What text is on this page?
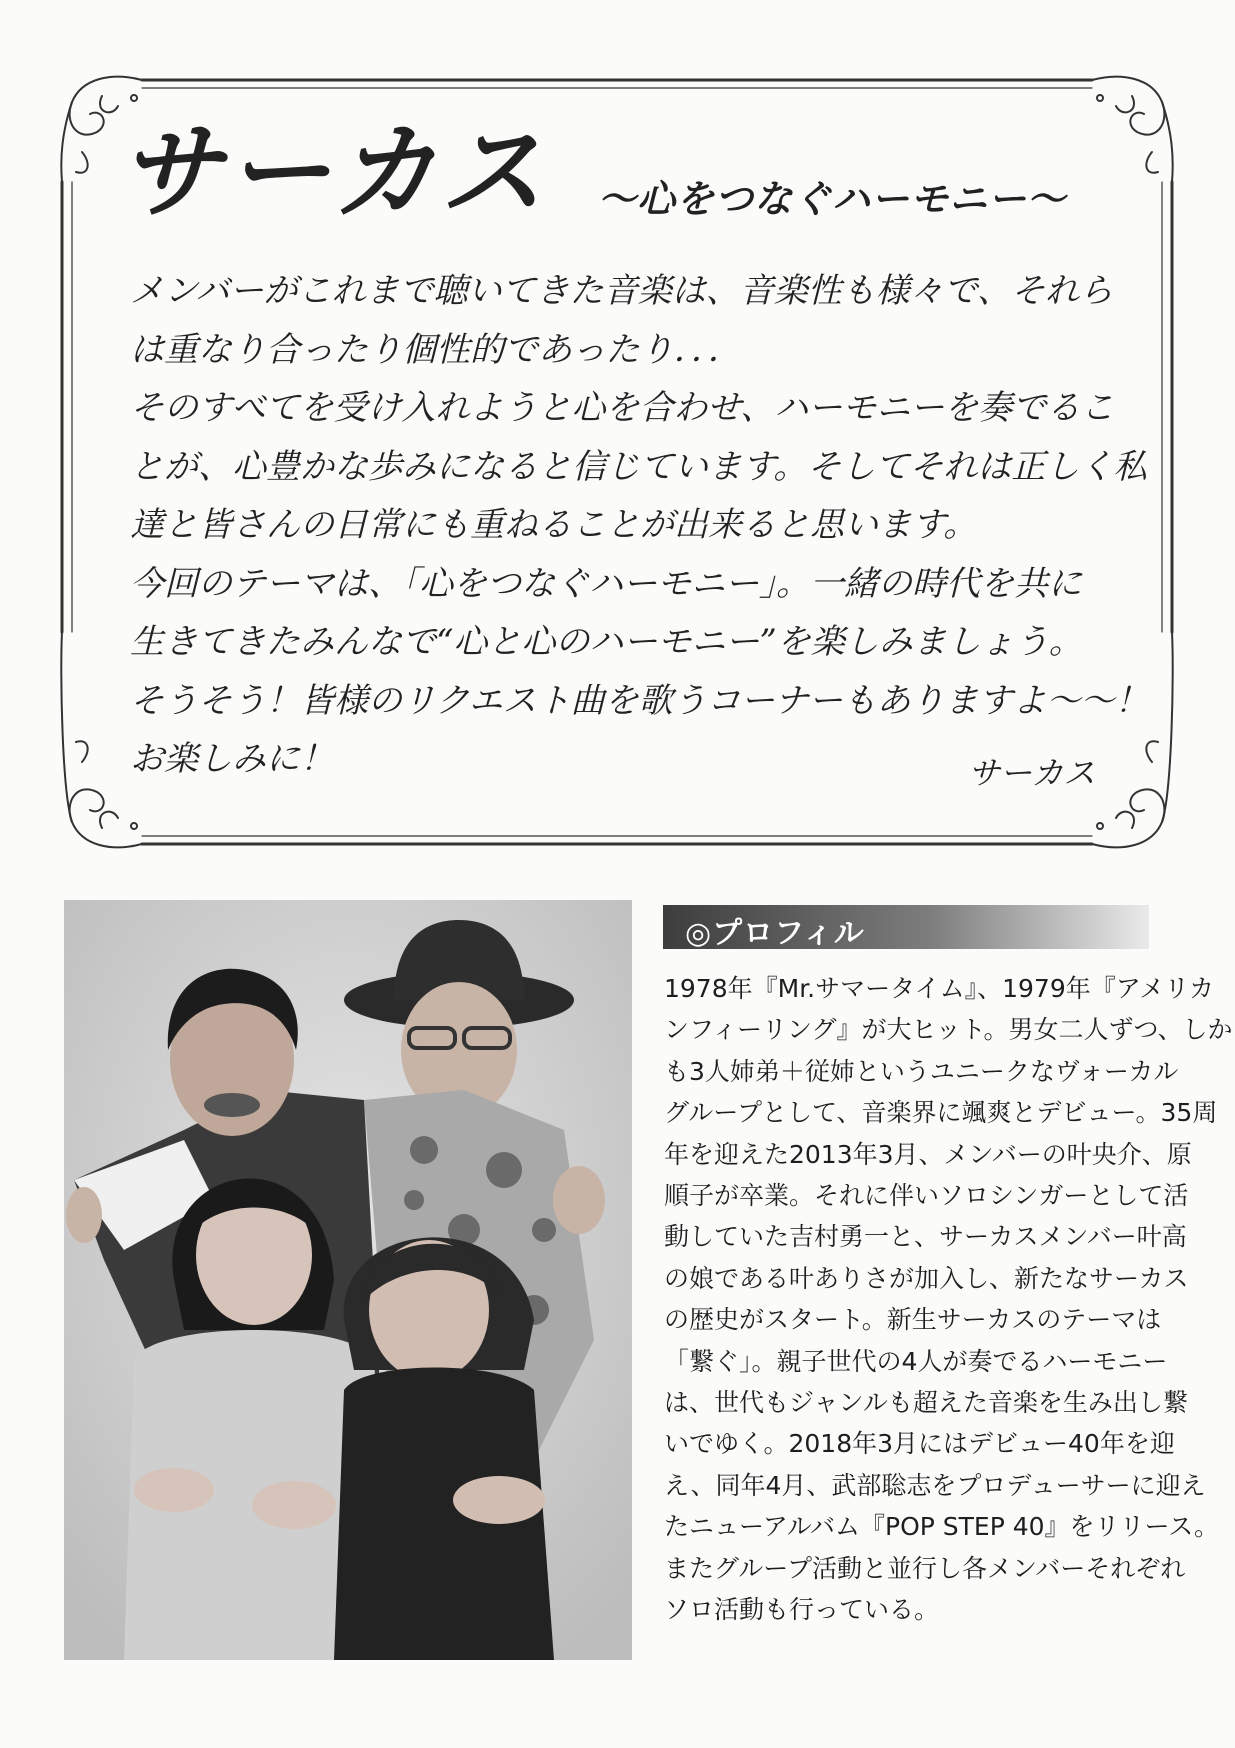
サーカス ～心をつなぐハーモニー～

メンバーがこれまで聴いてきた音楽は、音楽性も様々で、それら

は重なり合ったり個性的であったり．．．

そのすべてを受け入れようと心を合わせ、ハーモニーを奏でるこ

とが、心豊かな歩みになると信じています。そしてそれは正しく私

達と皆さんの日常にも重ねることが出来ると思います。

今回のテーマは、「心をつなぐハーモニー」。一緒の時代を共に

生きてきたみんなで“心と心のハーモニー”を楽しみましょう。

そうそう！皆様のリクエスト曲を歌うコーナーもありますよ～～！

お楽しみに！	サーカス
◎プロフィル

1978年『Mr.サマータイム』、1979年『アメリカ

ンフィーリング』が大ヒット。男女二人ずつ、しか

も3人姉弟＋従姉というユニークなヴォーカル

グループとして、音楽界に颯爽とデビュー。35周

年を迎えた2013年3月、メンバーの叶央介、原

順子が卒業。それに伴いソロシンガーとして活

動していた吉村勇一と、サーカスメンバー叶高

の娘である叶ありさが加入し、新たなサーカス

の歴史がスタート。新生サーカスのテーマは

「繋ぐ」。親子世代の4人が奏でるハーモニー

は、世代もジャンルも超えた音楽を生み出し繋

いでゆく。2018年3月にはデビュー40年を迎

え、同年4月、武部聡志をプロデューサーに迎え

たニューアルバム『POP STEP 40』をリリース。

またグループ活動と並行し各メンバーそれぞれ

ソロ活動も行っている。
